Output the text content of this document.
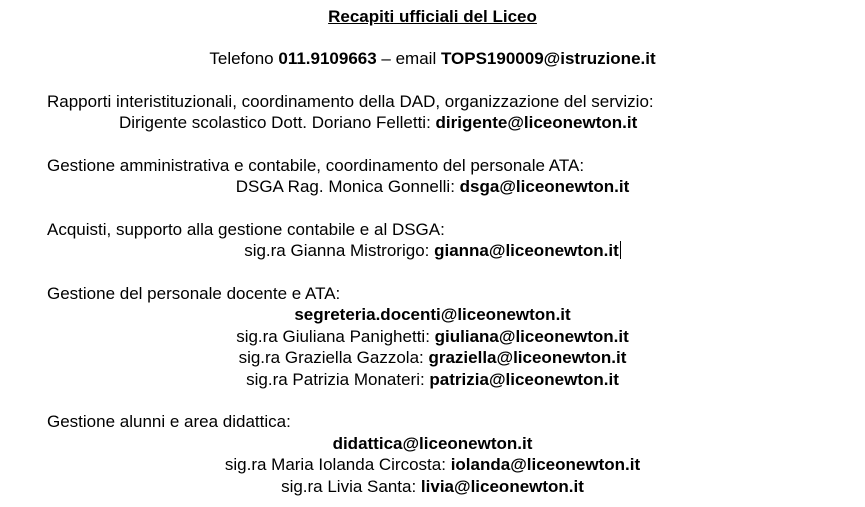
Recapiti ufficiali del Liceo
Telefono 011.9109663 – email TOPS190009@istruzione.it
Rapporti interistituzionali, coordinamento della DAD, organizzazione del servizio:
Dirigente scolastico Dott. Doriano Felletti: dirigente@liceonewton.it
Gestione amministrativa e contabile, coordinamento del personale ATA:
DSGA Rag. Monica Gonnelli: dsga@liceonewton.it
Acquisti, supporto alla gestione contabile e al DSGA:
sig.ra Gianna Mistrorigo: gianna@liceonewton.it
Gestione del personale docente e ATA:
segreteria.docenti@liceonewton.it
sig.ra Giuliana Panighetti: giuliana@liceonewton.it
sig.ra Graziella Gazzola: graziella@liceonewton.it
sig.ra Patrizia Monateri: patrizia@liceonewton.it
Gestione alunni e area didattica:
didattica@liceonewton.it
sig.ra Maria Iolanda Circosta: iolanda@liceonewton.it
sig.ra Livia Santa: livia@liceonewton.it
